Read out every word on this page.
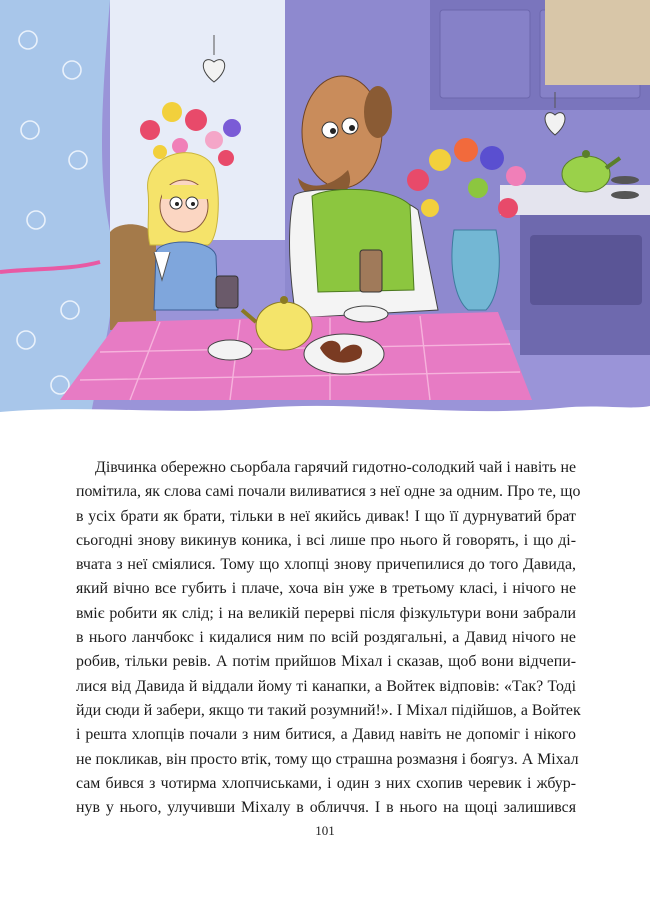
Дівчинка обережно сьорбала гарячий гидотно-солодкий чай і навіть не
помітила, як слова самі почали виливатися з неї одне за одним. Про те, що
в усіх брати як брати, тільки в неї якийсь дивак! І що її дурнуватий брат
сьогодні знову викинув коника, і всі лише про нього й говорять, і що ді-
вчата з неї сміялися. Тому що хлопці знову причепилися до того Давида,
який вічно все губить і плаче, хоча він уже в третьому класі, і нічого не
вміє робити як слід; і на великій перерві після фізкультури вони забрали
в нього ланчбокс і кидалися ним по всій роздягальні, а Давид нічого не
робив, тільки ревів. А потім прийшов Міхал і сказав, щоб вони відчепи-
лися від Давида й віддали йому ті канапки, а Войтек відповів: «Так? Тоді
йди сюди й забери, якщо ти такий розумний!». І Міхал підійшов, а Войтек
і решта хлопців почали з ним битися, а Давид навіть не допоміг і нікого
не покликав, він просто втік, тому що страшна розмазня і боягуз. А Міхал
сам бився з чотирма хлопчиськами, і один з них схопив черевик і жбур-
нув у нього, улучивши Міхалу в обличчя. І в нього на щоці залишився
101
